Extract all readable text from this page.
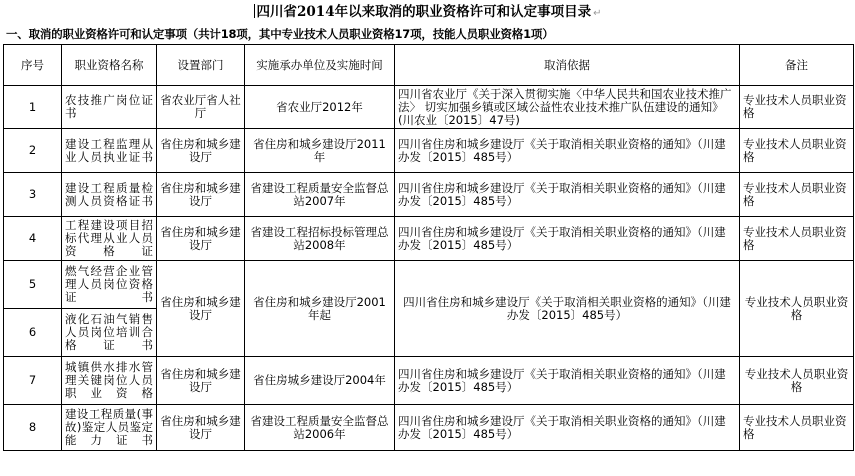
四川省2014年以来取消的职业资格许可和认定事项目录 ↵
一、取消的职业资格许可和认定事项（共计18项，其中专业技术人员职业资格17项，技能人员职业资格1项）
序号	职业资格名称	设置部门	实施承办单位及实施时间	取消依据	备注
1	农技推广岗位证书	省农业厅省人社厅	省农业厅2012年	四川省农业厅《关于深入贯彻实施〈中华人民共和国农业技术推广法〉 切实加强乡镇或区域公益性农业技术推广队伍建设的通知》(川农业〔2015〕47号)	专业技术人员职业资格
2	建设工程监理从业人员执业证书	省住房和城乡建设厅	省住房和城乡建设厅2011年	四川省住房和城乡建设厅《关于取消相关职业资格的通知》（川建办发〔2015〕485号）	专业技术人员职业资格
3	建设工程质量检测人员资格证书	省住房和城乡建设厅	省建设工程质量安全监督总站2007年	四川省住房和城乡建设厅《关于取消相关职业资格的通知》（川建办发〔2015〕485号）	专业技术人员职业资格
4	工程建设项目招标代理从业人员资格证	省住房和城乡建设厅	省建设工程招标投标管理总站2008年	四川省住房和城乡建设厅《关于取消相关职业资格的通知》（川建办发〔2015〕485号）	专业技术人员职业资格
5	燃气经营企业管理人员岗位资格证书	省住房和城乡建设厅	省住房和城乡建设厅2001年起	四川省住房和城乡建设厅《关于取消相关职业资格的通知》（川建办发〔2015〕485号）	专业技术人员职业资格
6	液化石油气销售人员岗位培训合格证书				
7	城镇供水排水管理关键岗位人员职业资格	省住房和城乡建设厅	省住房城乡建设厅2004年	四川省住房和城乡建设厅《关于取消相关职业资格的通知》（川建办发〔2015〕485号）	专业技术人员职业资格
8	建设工程质量(事故)鉴定人员鉴定能力证书	省住房和城乡建设厅	省建设工程质量安全监督总站2006年	四川省住房和城乡建设厅《关于取消相关职业资格的通知》（川建办发〔2015〕485号）	专业技术人员职业资格
